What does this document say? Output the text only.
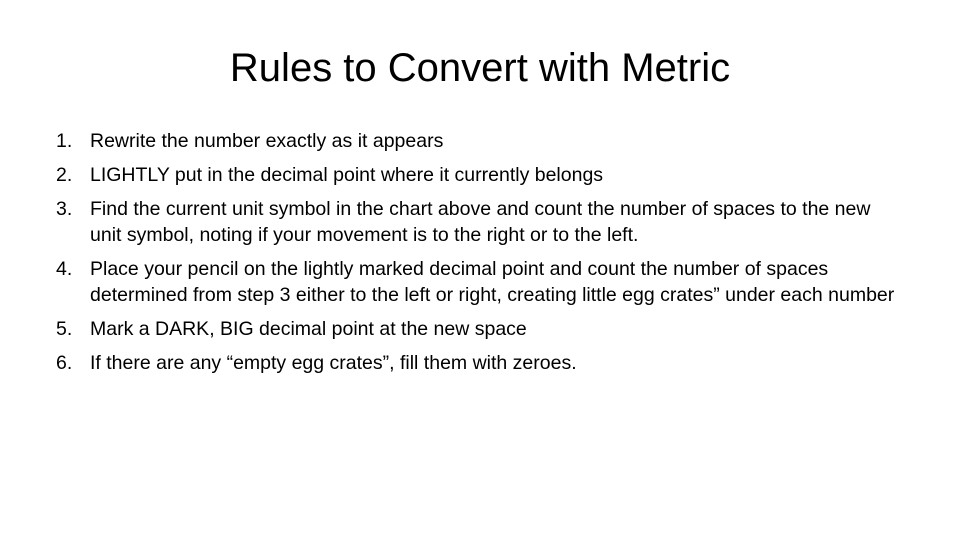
Rules to Convert with Metric
1. Rewrite the number exactly as it appears
2. LIGHTLY put in the decimal point where it currently belongs
3. Find the current unit symbol in the chart above and count the number of spaces to the new unit symbol, noting if your movement is to the right or to the left.
4. Place your pencil on the lightly marked decimal point and count the number of spaces determined from step 3 either to the left or right, creating little egg crates” under each number
5. Mark a DARK, BIG decimal point at the new space
6. If there are any “empty egg crates”, fill them with zeroes.
